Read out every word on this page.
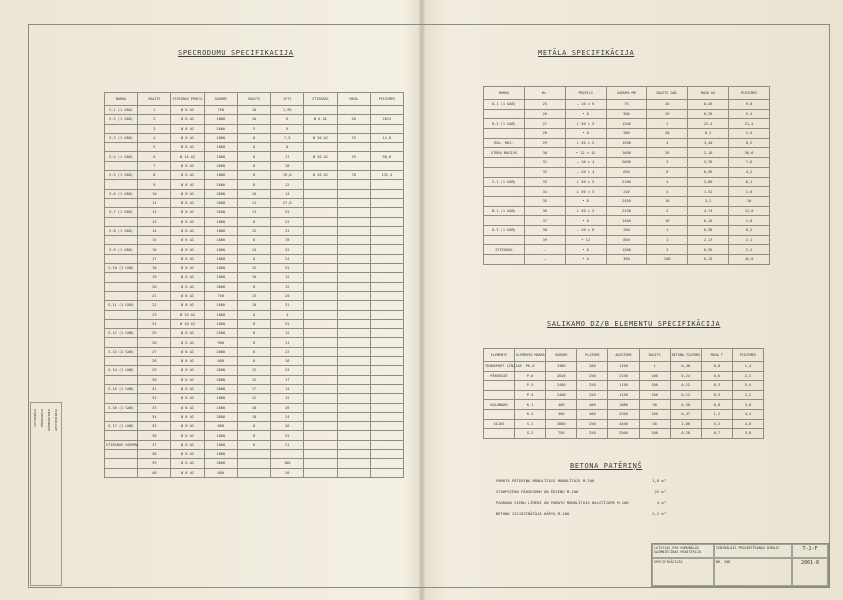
SPECRODUMU SPECIFIKACIJA
MARKA	SKAITS	STIEGRAS PROFIL	GARUMS	SKAITS	CETI	STIEGRAS	MASA	PIEZIMES
S-1 (1 GAB)	1	Ø 6 AI	750	18	1,95			
S-2 (1 GAB)	2	Ø 8 AI	1800	10	6	Ø 6 AI	20	2013
	3	Ø 6 AI	1800	3	5			
S-3 (1 GAB)	4	Ø 6 AI	1800	8	7,5	Ø 20 AI	79	12,8
	5	Ø 8 AI	1800	8	8			
S-4 (1 GAB)	6	Ø 14 AI	1800	8	17	Ø 20 AI	29	96,8
	7	Ø 6 AI	2800	8	18			
S-5 (1 GAB)	8	Ø 6 AI	1800	8	76,6	Ø 20 AI	78	132,4
	9	Ø 6 AI	1800	8	12			
S-6 (1 GAB)	10	Ø 8 AI	2800	10	14			
	11	Ø 8 AI	2800	11	27,8			
S-7 (1 GAB)	12	Ø 8 AI	2600	11	22			
	13	Ø 6 AI	1800	8	22			
S-8 (1 GAB)	14	Ø 8 AI	1800	12	31			
	15	Ø 6 AI	1800	8	78			
S-9 (1 GAB)	16	Ø 8 AI	1800	14	32			
	17	Ø 6 AI	1800	8	24			
S-10 (1 GAB)	18	Ø 8 AI	1800	12	22			
	19	Ø 6 AI	1800	10	12			
	20	Ø 6 AI	2800	8	12			
	21	Ø 8 AI	750	15	20			
S-11 (1 GAB)	22	Ø 8 AI	1800	10	31			
	23	Ø 10 AI	1800	8	4			
	24	Ø 10 AI	1800	8	22			
S-12 (1 GAB)	25	Ø 8 AI	2500	8	12			
	26	Ø 6 AI	900	8	11			
S-13 (2 GAB)	27	Ø 8 AI	2800	8	22			
	28	Ø 6 AI	680	8	18			
S-14 (1 GAB)	29	Ø 8 AI	2800	12	24			
	30	Ø 6 AI	2800	12	17			
S-15 (1 GAB)	31	Ø 8 AI	2800	17	14			
	32	Ø 6 AI	1800	12	12			
S-16 (1 GAB)	33	Ø 8 AI	1800	18	26			
	34	Ø 6 AI	2800	18	24			
S-17 (1 GAB)	35	Ø 8 AI	800	8	26			
	36	Ø 6 AI	1800	8	22			
STIEGRAS KOPUMA	37	Ø 8 AI	1800	6	21			
	38	Ø 6 AI	1800					
	39	Ø 6 AI	2800		180			
	40	Ø 6 AI	800		20			
METĀLA SPECIFIKĀCIJA
MARKA	Nr.	PROFILS	GARUMS MM	SKAITS GAB.	MASA KG	PIEZIMES
D-1 (1 GAB)	25	— 10 × 6	75	26	0,28	6,8
	26	• 8	500	26	0,28	5,4
D-2 (1 GAB)	27	L 50 × 5	1200	2	22,4	21,2
	28	• 8	280	28	0,2	2,4
KOL. MAS.	29	L 50 × 5	1500	4	3,40	8,2
STŪRU MASIVS	30	• 12 × 12	1000	26	2,10	56,6
	31	— 10 × 4	2000	2	3,78	7,6
	32	— 20 × 4	650	8	0,36	4,2
S-1 (1 GAB)	33	L 50 × 5	2100	4	3,80	8,1
	34	L 50 × 5	210	4	1,52	1,6
	35	• 8	2450	10	3,2	10
B-1 (1 GAB)	36	L 50 × 5	2130	2	4,74	12,0
	37	• 8	1400	16	0,16	1,6
D-3 (1 GAB)	38	— 20 × 6	200	1	0,38	0,2
	39	• 12	850	1	2,13	2,1
STIEGRAS	—	• 8	1200	2	0,36	2,2
	—	• 6	350	200	0,15	45,0
SALIKAMO DZ/B ELEMENTU SPECIFIKĀCIJA
ELEMENTS	ELEMENTA MARKA	GARUMS	PLATUMS	AUGSTUMS	SKAITS	BETONA TILPUMS	MASA T	PIEZIMES
TRANSPORT LĪNIJAS	PK-6	3480	200	1160	1	0,40	0,8	1,4
PĀRSEDZE	P-6	2620	250	2150	100	0,24	0,6	2,2
	P-5	2400	250	1150	100	0,12	0,3	5,4
	P-4	2400	250	1150	100	0,12	0,3	2,2
KOLONNAS	K-1	400	400	1880	30	0,30	0,8	3,0
	K-2	400	400	2940	100	0,47	1,2	4,4
SIJAS	S-1	3800	250	4400	40	2,06	5,2	4,8
	S-2	750	250	2500	100	0,28	0,7	3,8
BETONA PATĒRIŅŠ
PAMATA PĀTERIŅA MONOLĪTAIS MONOLĪTAIS M-200	1,8 m³
STARPSIENU PĀRSEGUMU UN ĒDIENU M-200	22 m³
PAGRABA SIENU LĪMENI UN PAMATU MONOLĪTAIS BALSTĪJUMS M-100	4 m³
BETONA IZLĪDZINĀTĀJA KĀRTA M-100	2,2 m³
IZSTRĀDĀJA PĀRBAUDĪJA NORMKONTROLE APSTIPRINĀJA
LATVIJAS PSR KOMUNĀLĀS SAIMNIECĪBAS MINISTRIJA
CENTRĀLAIS PROJEKTĒŠANAS BIROJS	T-2-F
SPECIFIKĀCIJAS	NR. 208	2861-8
